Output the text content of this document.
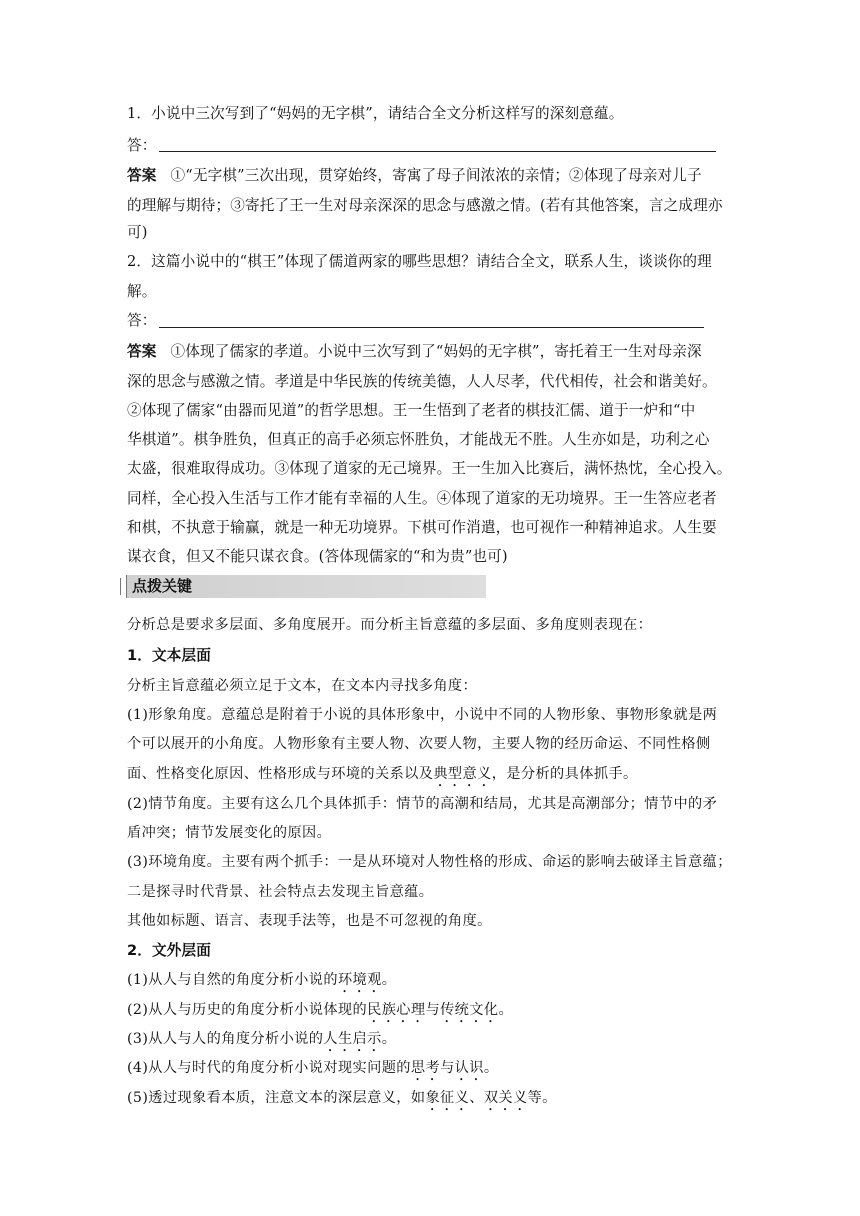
1．小说中三次写到了“妈妈的无字棋”，请结合全文分析这样写的深刻意蕴。
答：
答案 ①“无字棋”三次出现，贯穿始终，寄寓了母子间浓浓的亲情；②体现了母亲对儿子
的理解与期待；③寄托了王一生对母亲深深的思念与感激之情。(若有其他答案，言之成理亦
可)
2．这篇小说中的“棋王”体现了儒道两家的哪些思想？请结合全文，联系人生，谈谈你的理
解。
答：
答案 ①体现了儒家的孝道。小说中三次写到了“妈妈的无字棋”，寄托着王一生对母亲深
深的思念与感激之情。孝道是中华民族的传统美德，人人尽孝，代代相传，社会和谐美好。
②体现了儒家“由器而见道”的哲学思想。王一生悟到了老者的棋技汇儒、道于一炉和“中
华棋道”。棋争胜负，但真正的高手必须忘怀胜负，才能战无不胜。人生亦如是，功利之心
太盛，很难取得成功。③体现了道家的无己境界。王一生加入比赛后，满怀热忱，全心投入。
同样，全心投入生活与工作才能有幸福的人生。④体现了道家的无功境界。王一生答应老者
和棋，不执意于输赢，就是一种无功境界。下棋可作消遣，也可视作一种精神追求。人生要
谋衣食，但又不能只谋衣食。(答体现儒家的“和为贵”也可)
点拨关键
分析总是要求多层面、多角度展开。而分析主旨意蕴的多层面、多角度则表现在：
1．文本层面
分析主旨意蕴必须立足于文本，在文本内寻找多角度：
(1)形象角度。意蕴总是附着于小说的具体形象中，小说中不同的人物形象、事物形象就是两
个可以展开的小角度。人物形象有主要人物、次要人物，主要人物的经历命运、不同性格侧
面、性格变化原因、性格形成与环境的关系以及典型意义，是分析的具体抓手。
(2)情节角度。主要有这么几个具体抓手：情节的高潮和结局，尤其是高潮部分；情节中的矛
盾冲突；情节发展变化的原因。
(3)环境角度。主要有两个抓手：一是从环境对人物性格的形成、命运的影响去破译主旨意蕴；
二是探寻时代背景、社会特点去发现主旨意蕴。
其他如标题、语言、表现手法等，也是不可忽视的角度。
2．文外层面
(1)从人与自然的角度分析小说的环境观。
(2)从人与历史的角度分析小说体现的民族心理与传统文化。
(3)从人与人的角度分析小说的人生启示。
(4)从人与时代的角度分析小说对现实问题的思考与认识。
(5)透过现象看本质，注意文本的深层意义，如象征义、双关义等。
